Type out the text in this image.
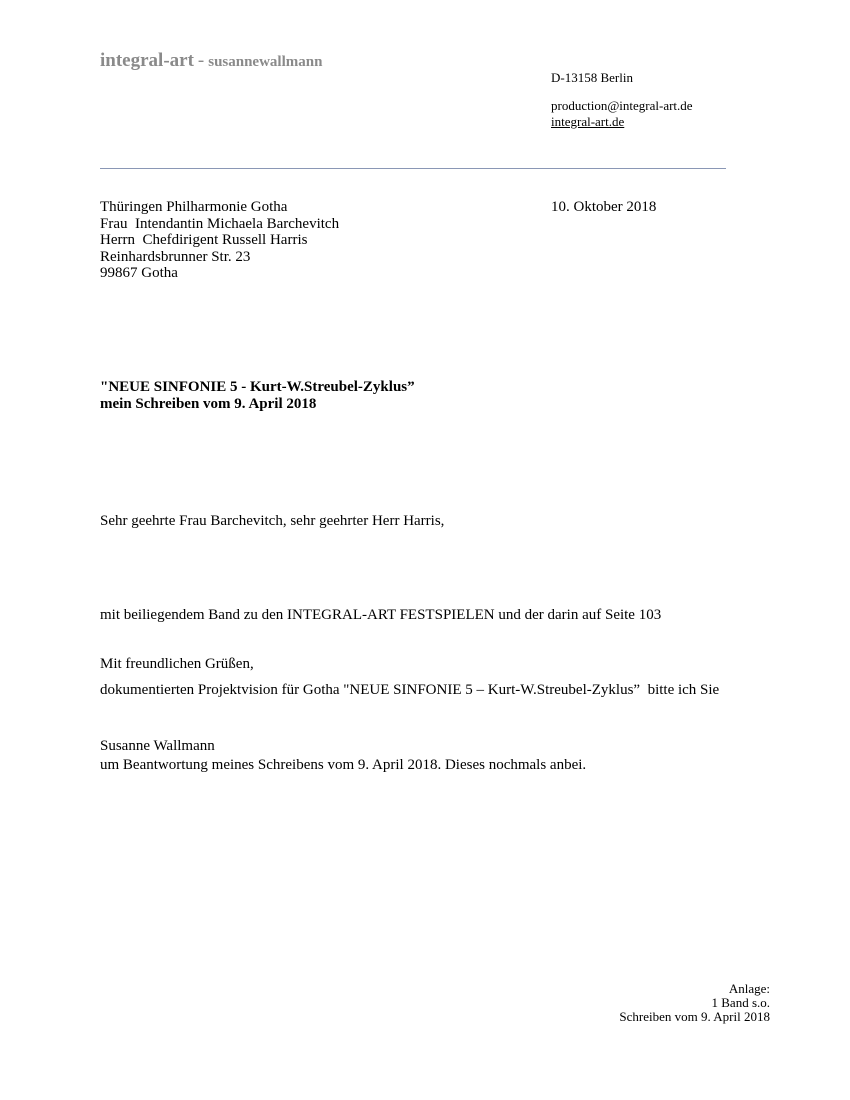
integral-art - susannewallmann
D-13158 Berlin
production@integral-art.de
integral-art.de
Thüringen Philharmonie Gotha
Frau  Intendantin Michaela Barchevitch
Herrn  Chefdirigent Russell Harris
Reinhardsbrunner Str. 23
99867 Gotha
10. Oktober 2018
"NEUE SINFONIE 5 - Kurt-W.Streubel-Zyklus”
mein Schreiben vom 9. April 2018
Sehr geehrte Frau Barchevitch, sehr geehrter Herr Harris,

mit beiliegendem Band zu den INTEGRAL-ART FESTSPIELEN und der darin auf Seite 103

dokumentierten Projektvision für Gotha "NEUE SINFONIE 5 – Kurt-W.Streubel-Zyklus”  bitte ich Sie

um Beantwortung meines Schreibens vom 9. April 2018. Dieses nochmals anbei.

Mit freundlichen Grüßen,
Susanne Wallmann
Anlage:
1 Band s.o.
Schreiben vom 9. April 2018
